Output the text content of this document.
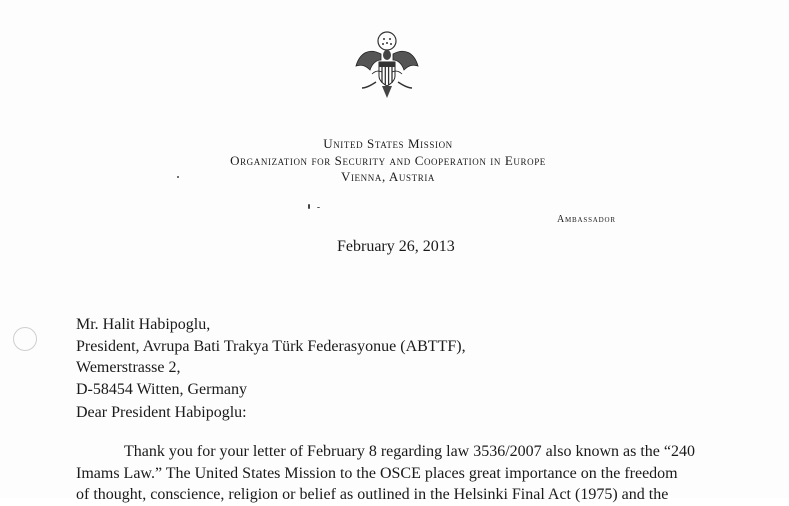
United States Mission
Organization for Security and Cooperation in Europe
Vienna, Austria
Ambassador
February 26, 2013
Mr. Halit Habipoglu,
President, Avrupa Bati Trakya Türk Federasyonue (ABTTF),
Wemerstrasse 2,
D-58454 Witten, Germany
Dear President Habipoglu:
Thank you for your letter of February 8 regarding law 3536/2007 also known as the “240
Imams Law.” The United States Mission to the OSCE places great importance on the freedom
of thought, conscience, religion or belief as outlined in the Helsinki Final Act (1975) and the
